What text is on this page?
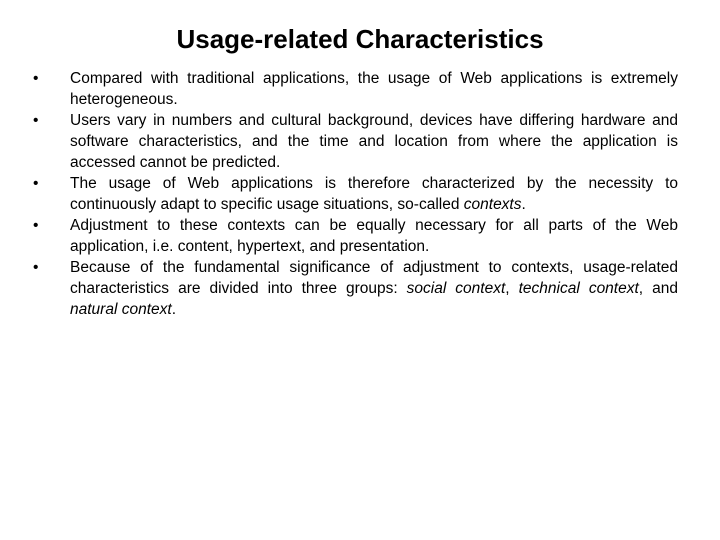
Usage-related Characteristics
•	Compared with traditional applications, the usage of Web applications is extremely heterogeneous.
•	Users vary in numbers and cultural background, devices have differing hardware and software characteristics, and the time and location from where the application is accessed cannot be predicted.
•	The usage of Web applications is therefore characterized by the necessity to continuously adapt to specific usage situations, so-called contexts.
•	Adjustment to these contexts can be equally necessary for all parts of the Web application, i.e. content, hypertext, and presentation.
•	Because of the fundamental significance of adjustment to contexts, usage-related characteristics are divided into three groups: social context, technical context, and natural context.
